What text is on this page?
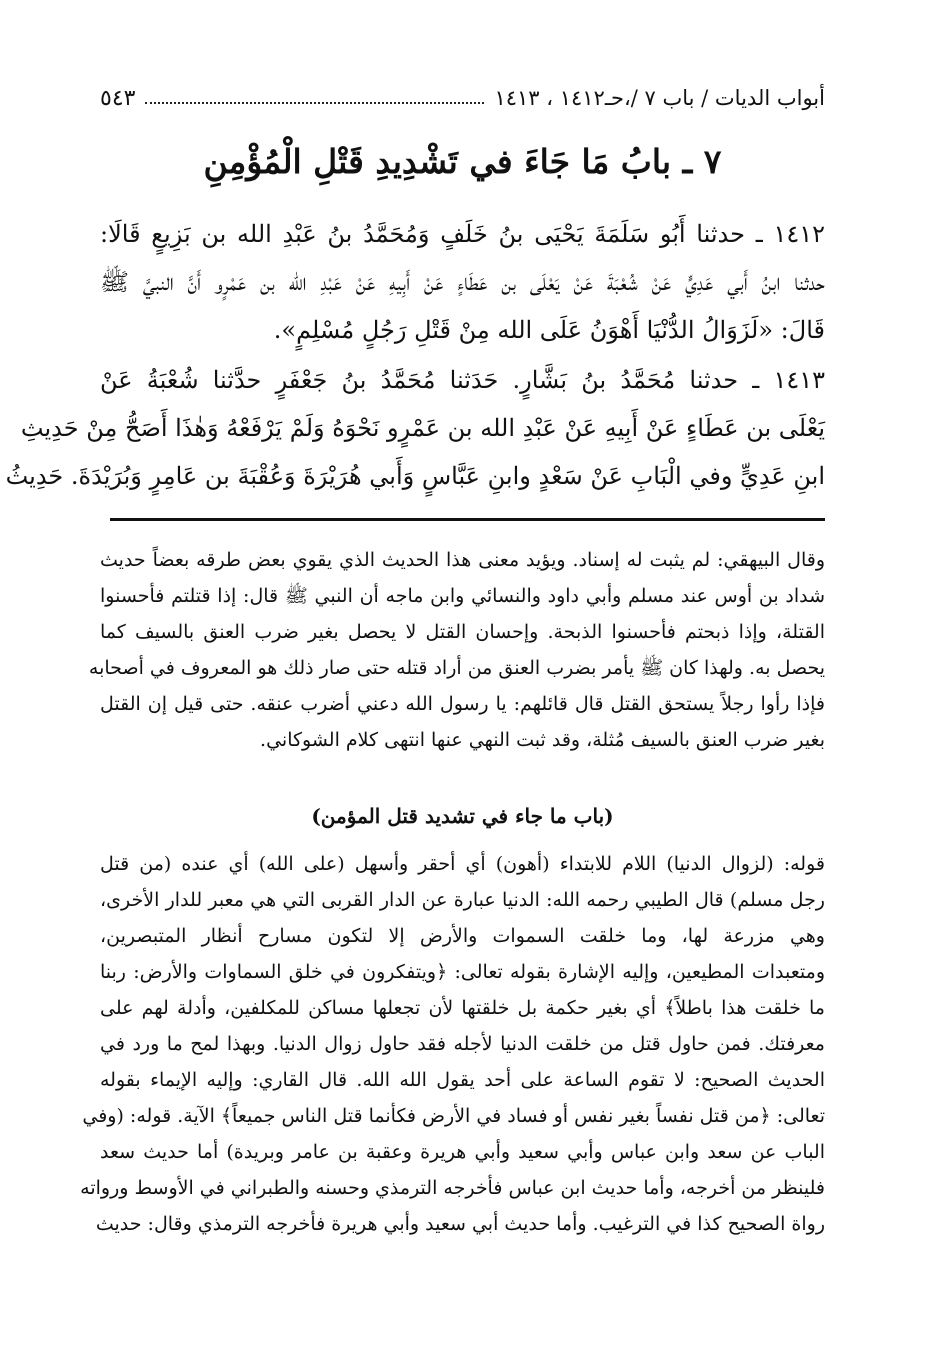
أبواب الديات / باب ٧ /،حـ١٤١٢ ، ١٤١٣
٥٤٣
٧ ـ بابُ مَا جَاءَ في تَشْدِيدِ قَتْلِ الْمُؤْمِنِ
١٤١٢ ـ حدثنا أَبُو سَلَمَةَ يَحْيَى بنُ خَلَفٍ وَمُحَمَّدُ بنُ عَبْدِ الله بن بَزِيعٍ قَالَا:
حدثنا ابنُ أَبي عَدِيٍّ عَنْ شُعْبَةَ عَنْ يَعْلَى بن عَطَاءٍ عَنْ أَبِيهِ عَنْ عَبْدِ الله بن عَمْرٍو أَنَّ النبيَّ ﷺ
قَالَ: «لَزَوَالُ الدُّنْيَا أَهْوَنُ عَلَى الله مِنْ قَتْلِ رَجُلٍ مُسْلِمٍ».
١٤١٣ ـ حدثنا مُحَمَّدُ بنُ بَشَّارٍ. حَدَثنا مُحَمَّدُ بنُ جَعْفَرٍ حدَّثنا شُعْبَةُ عَنْ
يَعْلَى بن عَطَاءٍ عَنْ أَبِيهِ عَنْ عَبْدِ الله بن عَمْرٍو نَحْوَهُ وَلَمْ يَرْفَعْهُ وَهٰذَا أَصَحُّ مِنْ حَدِيثِ
ابنِ عَدِيٍّ وفي الْبَابِ عَنْ سَعْدٍ وابنِ عَبَّاسٍ وَأَبي هُرَيْرَةَ وَعُقْبَةَ بن عَامِرٍ وَبُرَيْدَةَ. حَدِيثُ
وقال البيهقي: لم يثبت له إسناد. ويؤيد معنى هذا الحديث الذي يقوي بعض طرقه بعضاً حديث
شداد بن أوس عند مسلم وأبي داود والنسائي وابن ماجه أن النبي ﷺ قال: إذا قتلتم فأحسنوا
القتلة، وإذا ذبحتم فأحسنوا الذبحة. وإحسان القتل لا يحصل بغير ضرب العنق بالسيف كما
يحصل به. ولهذا كان ﷺ يأمر بضرب العنق من أراد قتله حتى صار ذلك هو المعروف في أصحابه
فإذا رأوا رجلاً يستحق القتل قال قائلهم: يا رسول الله دعني أضرب عنقه. حتى قيل إن القتل
بغير ضرب العنق بالسيف مُثلة، وقد ثبت النهي عنها انتهى كلام الشوكاني.
(باب ما جاء في تشديد قتل المؤمن)
قوله: (لزوال الدنيا) اللام للابتداء (أهون) أي أحقر وأسهل (على الله) أي عنده (من قتل
رجل مسلم) قال الطيبي رحمه الله: الدنيا عبارة عن الدار القربى التي هي معبر للدار الأخرى،
وهي مزرعة لها، وما خلقت السموات والأرض إلا لتكون مسارح أنظار المتبصرين،
ومتعبدات المطيعين، وإليه الإشارة بقوله تعالى: ﴿ويتفكرون في خلق السماوات والأرض: ربنا
ما خلقت هذا باطلاً﴾ أي بغير حكمة بل خلقتها لأن تجعلها مساكن للمكلفين، وأدلة لهم على
معرفتك. فمن حاول قتل من خلقت الدنيا لأجله فقد حاول زوال الدنيا. وبهذا لمح ما ورد في
الحديث الصحيح: لا تقوم الساعة على أحد يقول الله الله. قال القاري: وإليه الإيماء بقوله
تعالى: ﴿من قتل نفساً بغير نفس أو فساد في الأرض فكأنما قتل الناس جميعاً﴾ الآية. قوله: (وفي
الباب عن سعد وابن عباس وأبي سعيد وأبي هريرة وعقبة بن عامر وبريدة) أما حديث سعد
فلينظر من أخرجه، وأما حديث ابن عباس فأخرجه الترمذي وحسنه والطبراني في الأوسط ورواته
رواة الصحيح كذا في الترغيب. وأما حديث أبي سعيد وأبي هريرة فأخرجه الترمذي وقال: حديث
